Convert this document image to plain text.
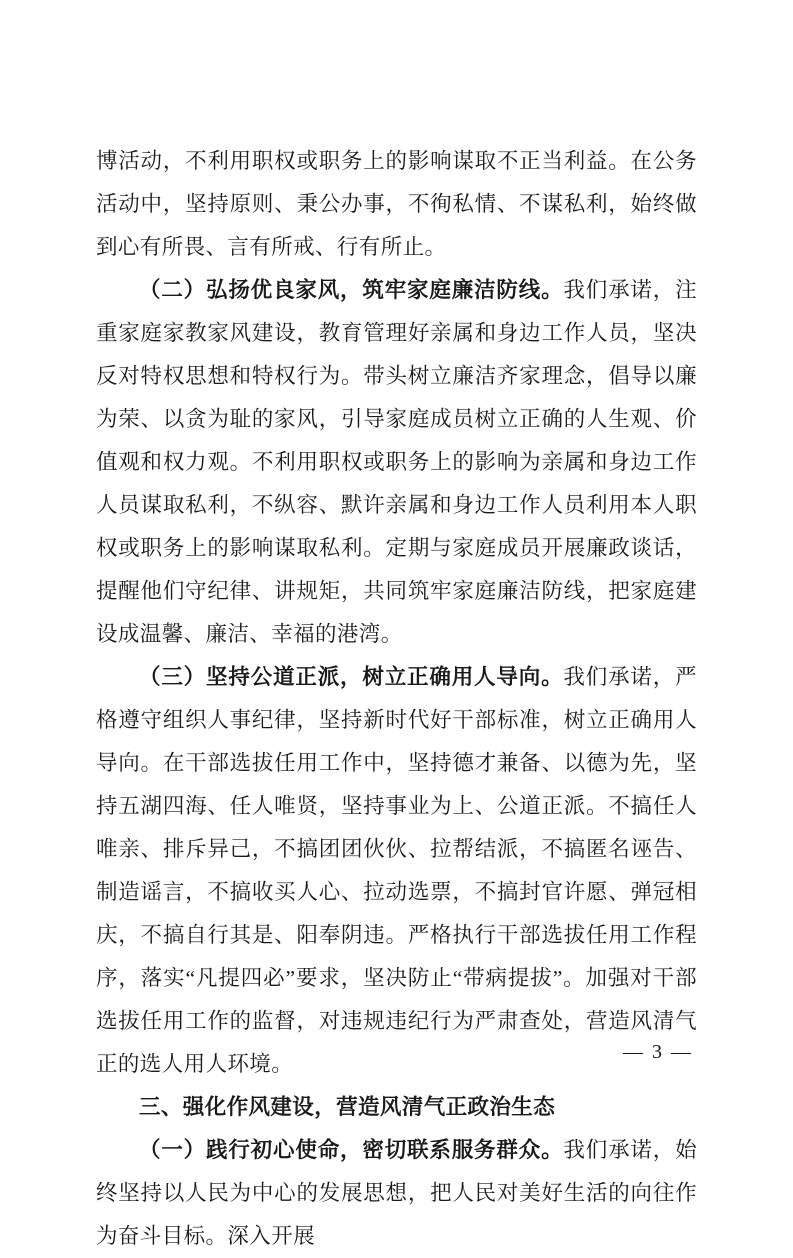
博活动，不利用职权或职务上的影响谋取不正当利益。在公务活动中，坚持原则、秉公办事，不徇私情、不谋私利，始终做到心有所畏、言有所戒、行有所止。

（二）弘扬优良家风，筑牢家庭廉洁防线。我们承诺，注重家庭家教家风建设，教育管理好亲属和身边工作人员，坚决反对特权思想和特权行为。带头树立廉洁齐家理念，倡导以廉为荣、以贪为耻的家风，引导家庭成员树立正确的人生观、价值观和权力观。不利用职权或职务上的影响为亲属和身边工作人员谋取私利，不纵容、默许亲属和身边工作人员利用本人职权或职务上的影响谋取私利。定期与家庭成员开展廉政谈话，提醒他们守纪律、讲规矩，共同筑牢家庭廉洁防线，把家庭建设成温馨、廉洁、幸福的港湾。

（三）坚持公道正派，树立正确用人导向。我们承诺，严格遵守组织人事纪律，坚持新时代好干部标准，树立正确用人导向。在干部选拔任用工作中，坚持德才兼备、以德为先，坚持五湖四海、任人唯贤，坚持事业为上、公道正派。不搞任人唯亲、排斥异己，不搞团团伙伙、拉帮结派，不搞匿名诬告、制造谣言，不搞收买人心、拉动选票，不搞封官许愿、弹冠相庆，不搞自行其是、阳奉阴违。严格执行干部选拔任用工作程序，落实“凡提四必”要求，坚决防止“带病提拔”。加强对干部选拔任用工作的监督，对违规违纪行为严肃查处，营造风清气正的选人用人环境。

三、强化作风建设，营造风清气正政治生态

（一）践行初心使命，密切联系服务群众。我们承诺，始终坚持以人民为中心的发展思想，把人民对美好生活的向往作为奋斗目标。深入开展

— 3 —
